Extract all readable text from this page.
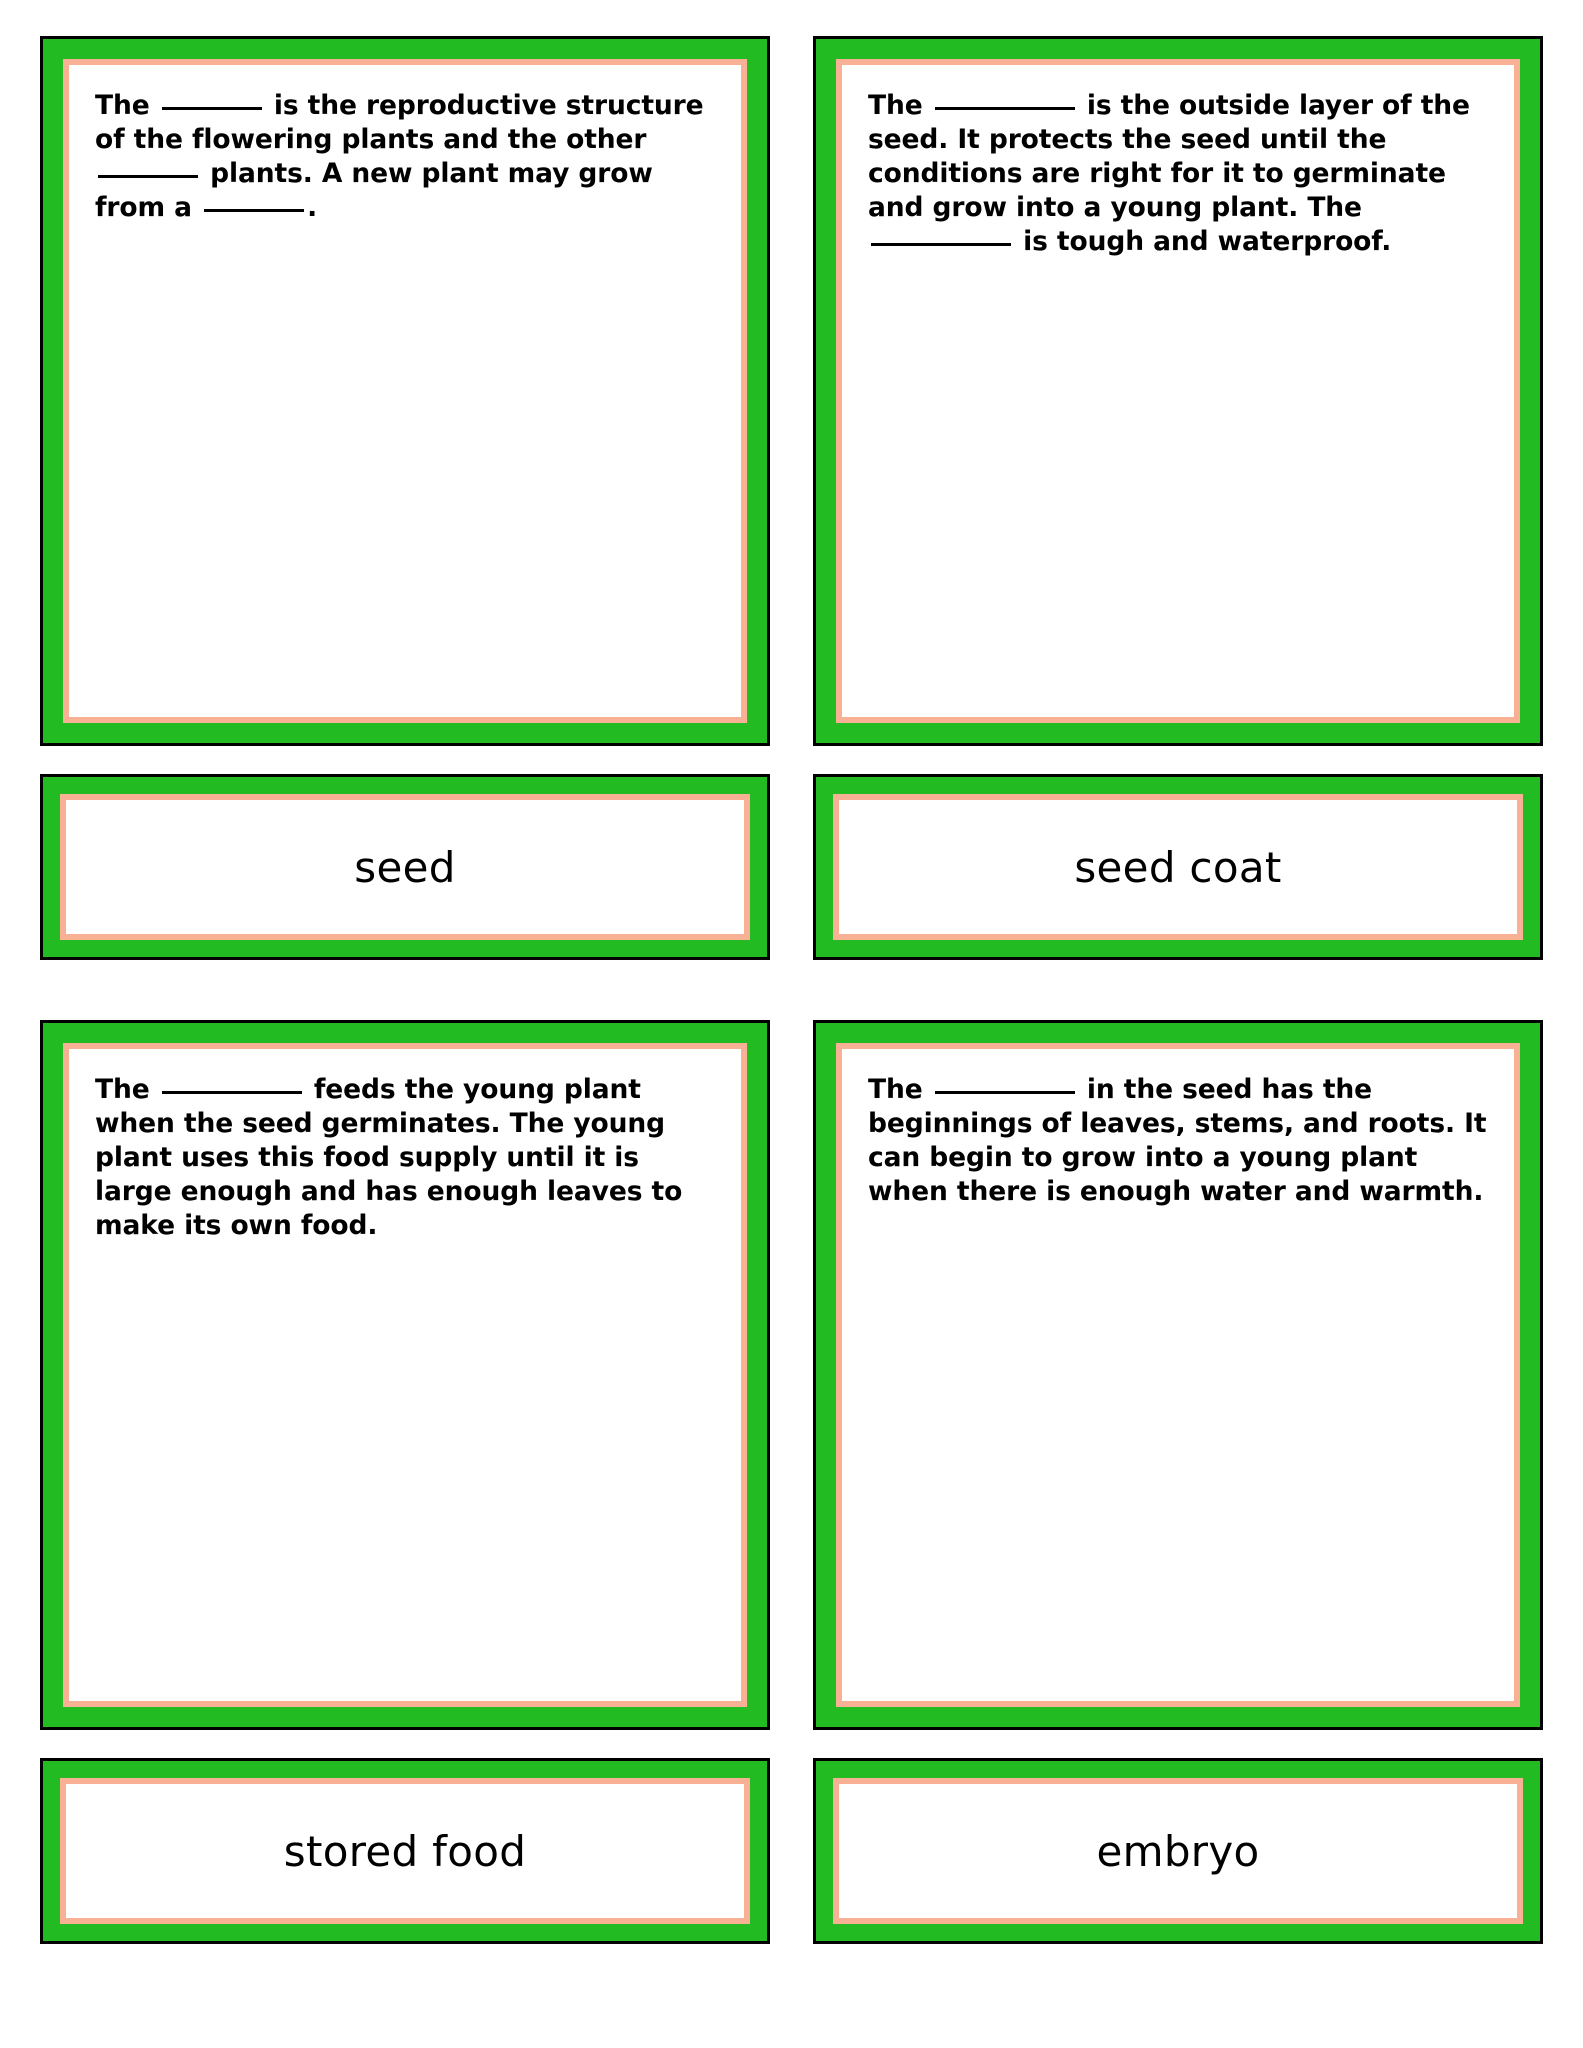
The	is the reproductive structure of the flowering plants and the other  plants. A new plant may grow from a	.
seed
The	is the outside layer of the seed. It protects the seed until the conditions are right for it to germinate and grow into a young plant. The  is tough and waterproof.
seed coat
The	feeds the young plant when the seed germinates. The young plant uses this food supply until it is large enough and has enough leaves to make its own food.
stored food
The	in the seed has the beginnings of leaves, stems, and roots. It can begin to grow into a young plant when there is enough water and warmth.
embryo
